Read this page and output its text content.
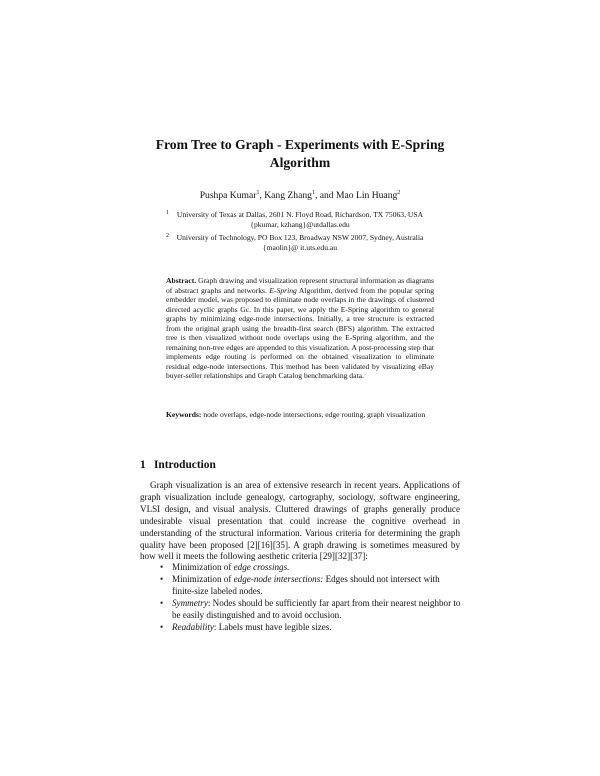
From Tree to Graph - Experiments with E-Spring
Algorithm
Pushpa Kumar$^1$, Kang Zhang$^1$, and Mao Lin Huang$^2$
1	University of Texas at Dallas, 2601 N. Floyd Road, Richardson, TX 75063, USA
{pkumar, kzhang}@utdallas.edu
2	University of Technology, PO Box 123, Broadway NSW 2007, Sydney, Australia
{maolin}@ it.uts.edu.au
Abstract. Graph drawing and visualization represent structural information as diagrams of abstract graphs and networks. E-Spring Algorithm, derived from the popular spring embedder model, was proposed to eliminate node overlaps in the drawings of clustered directed acyclic graphs Gc. In this paper, we apply the E-Spring algorithm to general graphs by minimizing edge-node intersections. Initially, a tree structure is extracted from the original graph using the breadth-first search (BFS) algorithm. The extracted tree is then visualized without node overlaps using the E-Spring algorithm, and the remaining non-tree edges are appended to this visualization. A post-processing step that implements edge routing is performed on the obtained visualization to eliminate residual edge-node intersections. This method has been validated by visualizing eBay buyer-seller relationships and Graph Catalog benchmarking data.
Keywords: node overlaps, edge-node intersections, edge routing, graph visualization
1 Introduction
Graph visualization is an area of extensive research in recent years. Applications of graph visualization include genealogy, cartography, sociology, software engineering, VLSI design, and visual analysis. Cluttered drawings of graphs generally produce undesirable visual presentation that could increase the cognitive overhead in understanding of the structural information. Various criteria for determining the graph quality have been proposed [2][16][35]. A graph drawing is sometimes measured by how well it meets the following aesthetic criteria [29][32][37]:
• Minimization of edge crossings.
• Minimization of edge-node intersections: Edges should not intersect with finite-size labeled nodes.
• Symmetry: Nodes should be sufficiently far apart from their nearest neighbor to be easily distinguished and to avoid occlusion.
• Readability: Labels must have legible sizes.
